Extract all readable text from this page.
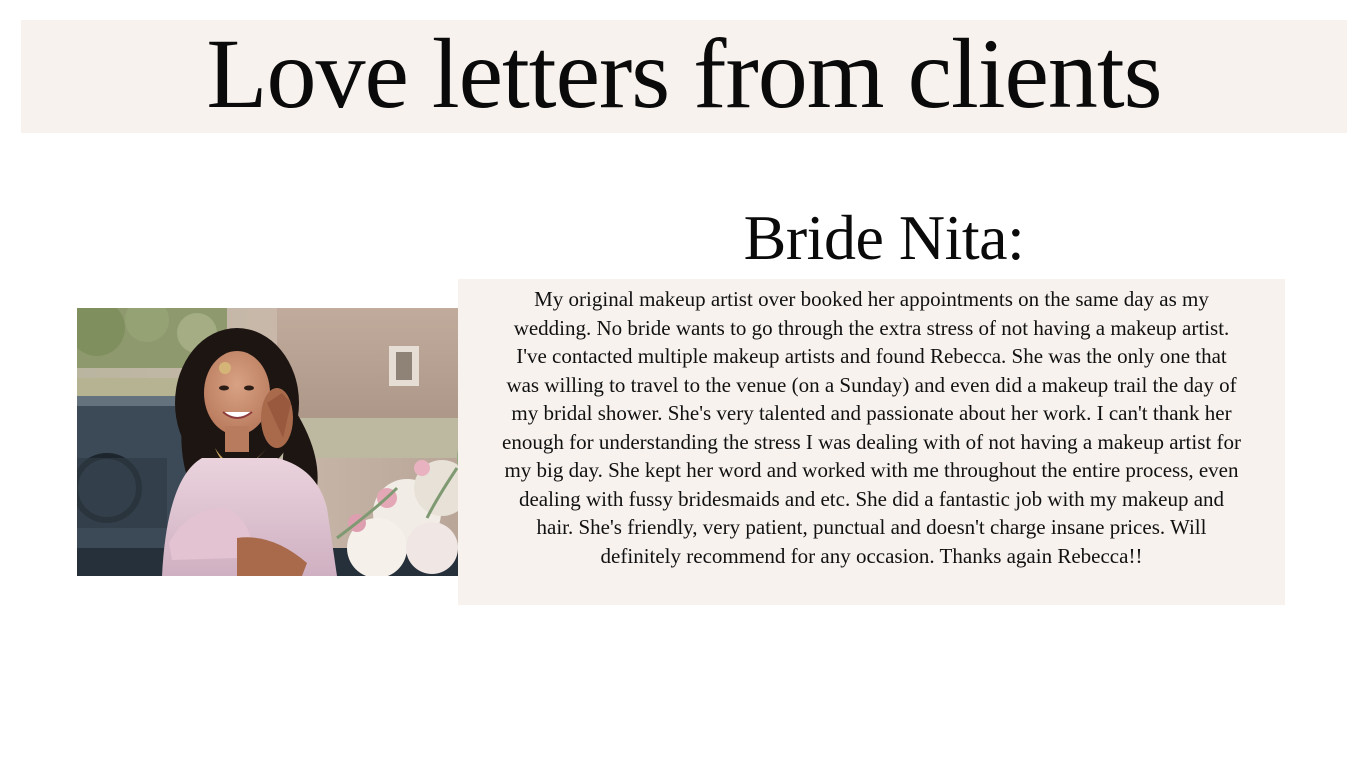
Love letters from clients
Bride Nita:

My original makeup artist over booked her appointments on the same day as my wedding. No bride wants to go through the extra stress of not having a makeup artist. I've contacted multiple makeup artists and found Rebecca. She was the only one that was willing to travel to the venue (on a Sunday) and even did a makeup trail the day of my bridal shower. She's very talented and passionate about her work. I can't thank her enough for understanding the stress I was dealing with of not having a makeup artist for my big day. She kept her word and worked with me throughout the entire process, even dealing with fussy bridesmaids and etc. She did a fantastic job with my makeup and hair. She's friendly, very patient, punctual and doesn't charge insane prices. Will definitely recommend for any occasion. Thanks again Rebecca!!
